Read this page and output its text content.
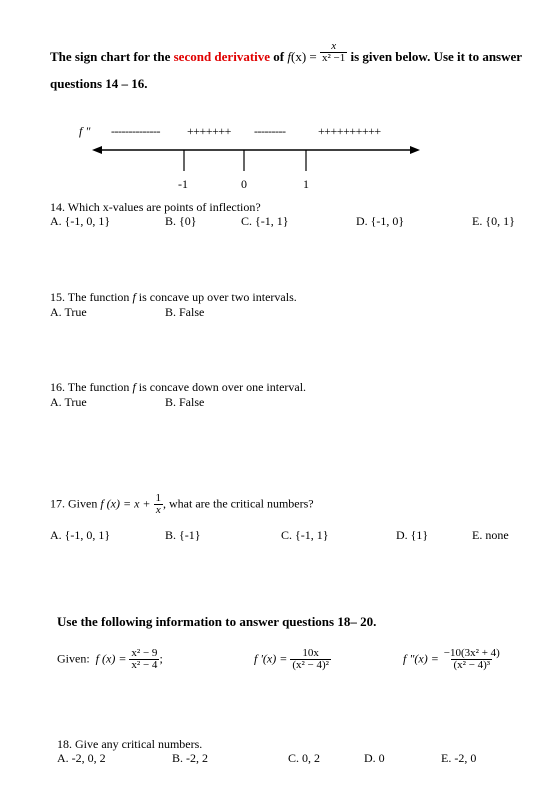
The sign chart for the second derivative of $f(x) = \frac{x}{\text{x² −1}}$ is given below. Use it to answer
questions 14 – 16.
f " -------------- +++++++ ---------	++++++++++
-1	0	1
14. Which x-values are points of inflection?
A. {-1, 0, 1}	B. {0}	C. {-1, 1}	D. {-1, 0}	E. {0, 1}
15. The function f is concave up over two intervals.
A. True	B. False
16. The function f is concave down over one interval.
A. True	B. False
17. Given f $(x) = x + \frac{1}{x}$ , what are the critical numbers?
A. {-1, 0, 1}	B. {-1}	C. {-1, 1}	D. {1}	E. none
Use the following information to answer questions 18– 20.
Given: f $(x) = \frac{\text{x² − 9}}{\text{x² − 4}}$ ;	f '$(x) = \frac{10x}{\text{(x² − 4)²}}$	f "$(x) = \frac{\text{−10(3x² + 4)}}{\text{(x² − 4)³}}$
18. Give any critical numbers.
A. -2, 0, 2	B. -2, 2	C. 0, 2	D. 0	E. -2, 0
